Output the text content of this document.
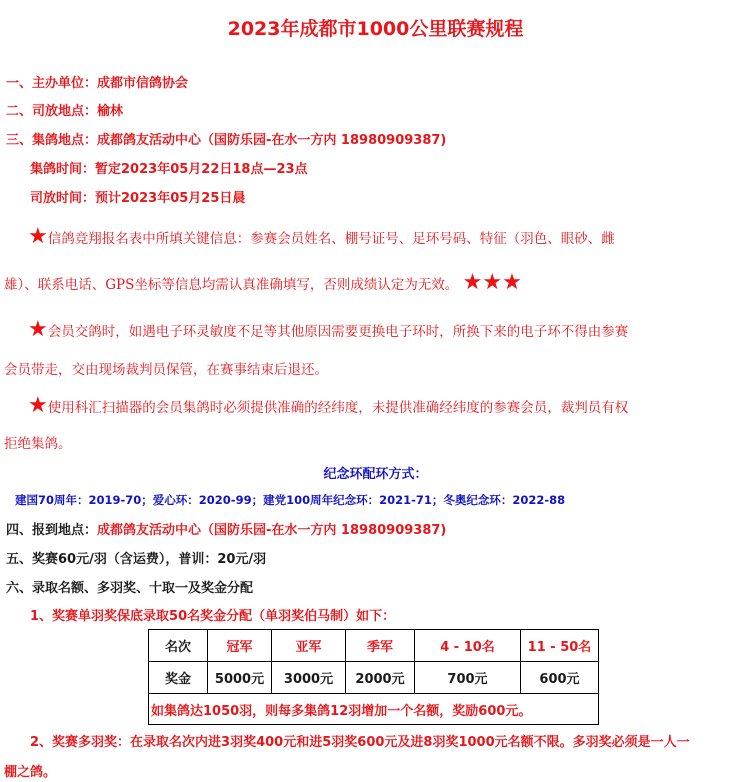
2023年成都市1000公里联赛规程
一、主办单位：成都市信鸽协会
二、司放地点：榆林
三、集鸽地点：成都鸽友活动中心（国防乐园-在水一方内 18980909387)
集鸽时间：暂定2023年05月22日18点—23点
司放时间：预计2023年05月25日晨
★信鸽竞翔报名表中所填关键信息：参赛会员姓名、棚号证号、足环号码、特征（羽色、眼砂、雌
雄）、联系电话、GPS坐标等信息均需认真准确填写，否则成绩认定为无效。 ★★★
★会员交鸽时，如遇电子环灵敏度不足等其他原因需要更换电子环时，所换下来的电子环不得由参赛
会员带走，交由现场裁判员保管，在赛事结束后退还。
★使用科汇扫描器的会员集鸽时必须提供准确的经纬度，未提供准确经纬度的参赛会员，裁判员有权
拒绝集鸽。
纪念环配环方式：
建国70周年：2019-70；爱心环：2020-99；建党100周年纪念环：2021-71；冬奥纪念环：2022-88
四、报到地点：成都鸽友活动中心（国防乐园-在水一方内 18980909387)
五、奖赛60元/羽（含运费），普训：20元/羽
六、录取名额、多羽奖、十取一及奖金分配
1、奖赛单羽奖保底录取50名奖金分配（单羽奖伯马制）如下：
名次	冠军	亚军	季军	4 - 10名	11 - 50名
奖金	5000元	3000元	2000元	700元	600元
如集鸽达1050羽，则每多集鸽12羽增加一个名额，奖励600元。					
2、奖赛多羽奖：在录取名次内进3羽奖400元和进5羽奖600元及进8羽奖1000元名额不限。多羽奖必须是一人一
棚之鸽。
